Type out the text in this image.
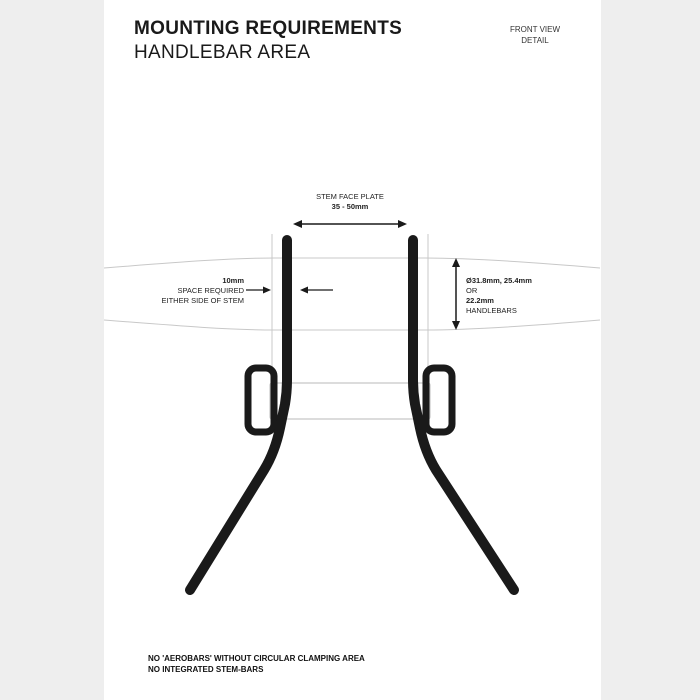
MOUNTING REQUIREMENTS
HANDLEBAR AREA
FRONT VIEW
DETAIL
STEM FACE PLATE
35 - 50mm
10mm
SPACE REQUIRED
EITHER SIDE OF STEM
Ø31.8mm, 25.4mm
OR
22.2mm
HANDLEBARS
NO 'AEROBARS' WITHOUT CIRCULAR CLAMPING AREA
NO INTEGRATED STEM-BARS
